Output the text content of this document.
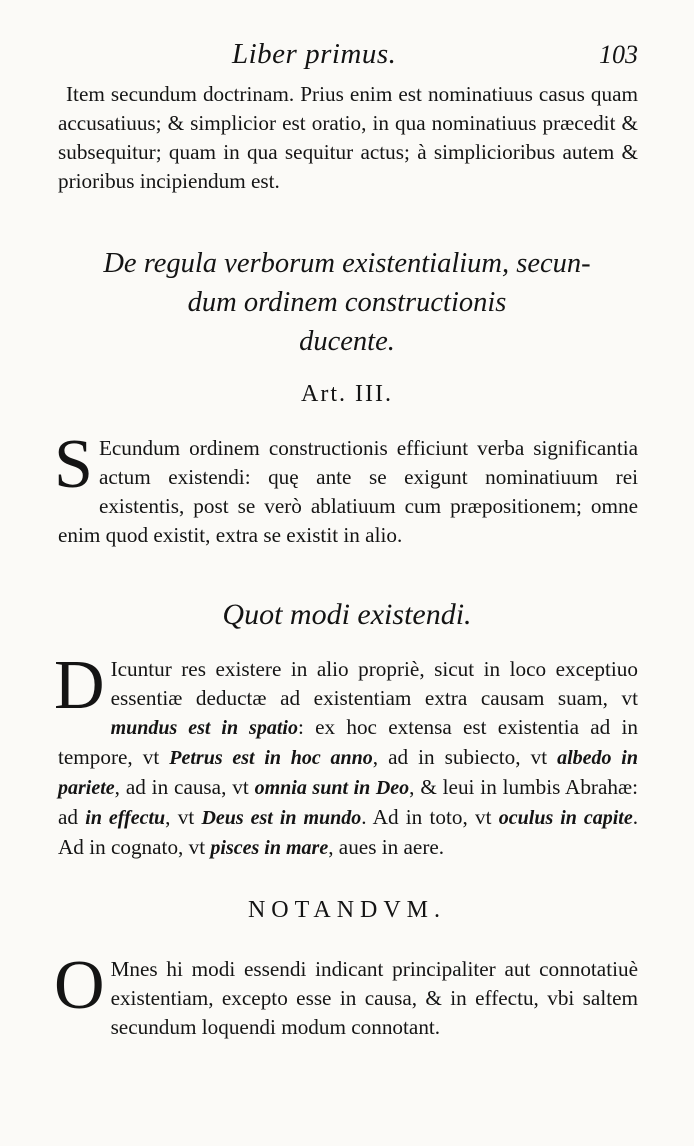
Liber primus.	103

Item secundum doctrinam. Prius enim est nominatiuus casus quam accusatiuus; & simplicior est oratio, in qua nominatiuus præcedit & subsequitur; quam in qua sequitur actus; à simplicioribus autem & prioribus incipiendum est.

De regula verborum existentialium, secun-
dum ordinem constructionis
ducente.
Art. III.

S Ecundum ordinem constructionis efficiunt verba significantia actum existendi: quę ante se exigunt nominatiuum rei existentis, post se verò ablatiuum cum præpositionem; omne enim quod existit, extra se existit in alio.

Quot modi existendi.

D Icuntur res existere in alio propriè, sicut in loco exceptiuo essentiæ deductæ ad existentiam extra causam suam, vt mundus est in spatio: ex hoc extensa est existentia ad in tempore, vt Petrus est in hoc anno, ad in subiecto, vt albedo in pariete, ad in causa, vt omnia sunt in Deo, & leui in lumbis Abrahæ: ad in effectu, vt Deus est in mundo. Ad in toto, vt oculus in capite. Ad in cognato, vt pisces in mare, aues in aere.

NOTANDVM.

O Mnes hi modi essendi indicant principaliter aut connotatiuè existentiam, excepto esse in causa, & in effectu, vbi saltem secundum loquendi modum connotant.
